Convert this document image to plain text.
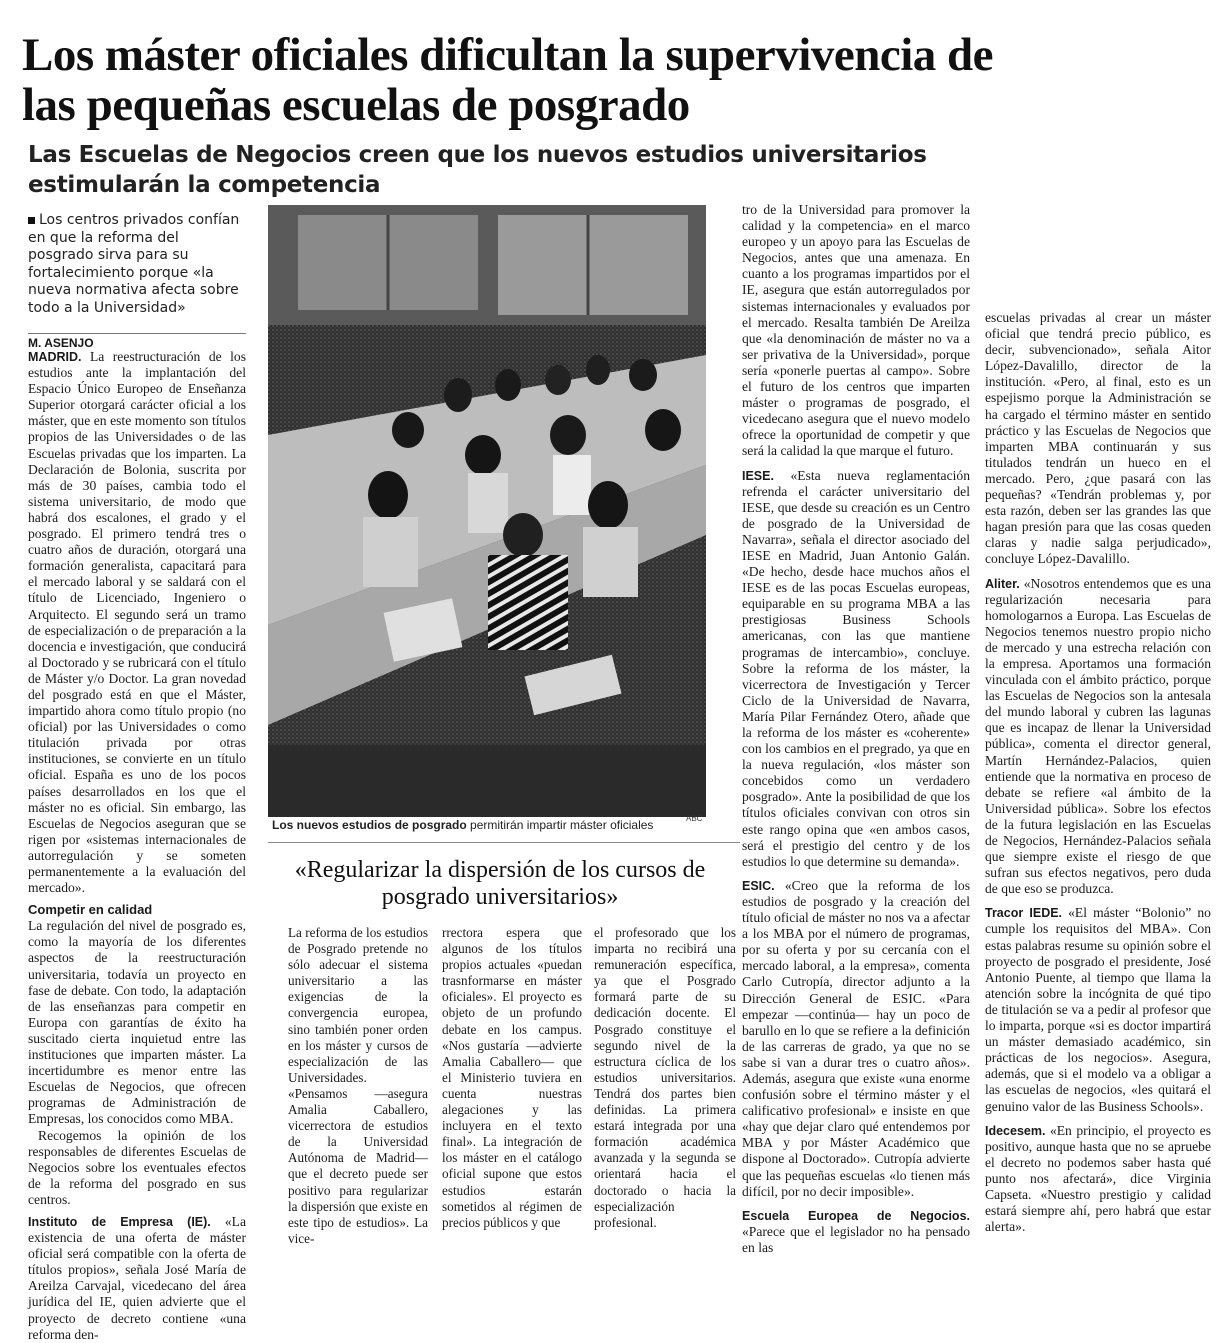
Los máster oficiales dificultan la supervivencia de las pequeñas escuelas de posgrado
Las Escuelas de Negocios creen que los nuevos estudios universitarios estimularán la competencia
Los centros privados confían en que la reforma del posgrado sirva para su fortalecimiento porque «la nueva normativa afecta sobre todo a la Universidad»
M. ASENJO

MADRID. La reestructuración de los estudios ante la implantación del Espacio Único Europeo de Enseñanza Superior otorgará carácter oficial a los máster, que en este momento son títulos propios de las Universidades o de las Escuelas privadas que los imparten. La Declaración de Bolonia, suscrita por más de 30 países, cambia todo el sistema universitario, de modo que habrá dos escalones, el grado y el posgrado. El primero tendrá tres o cuatro años de duración, otorgará una formación generalista, capacitará para el mercado laboral y se saldará con el título de Licenciado, Ingeniero o Arquitecto. El segundo será un tramo de especialización o de preparación a la docencia e investigación, que conducirá al Doctorado y se rubricará con el título de Máster y/o Doctor. La gran novedad del posgrado está en que el Máster, impartido ahora como título propio (no oficial) por las Universidades o como titulación privada por otras instituciones, se convierte en un título oficial. España es uno de los pocos países desarrollados en los que el máster no es oficial. Sin embargo, las Escuelas de Negocios aseguran que se rigen por «sistemas internacionales de autorregulación y se someten permanentemente a la evaluación del mercado».

Competir en calidad

La regulación del nivel de posgrado es, como la mayoría de los diferentes aspectos de la reestructuración universitaria, todavía un proyecto en fase de debate. Con todo, la adaptación de las enseñanzas para competir en Europa con garantías de éxito ha suscitado cierta inquietud entre las instituciones que imparten máster. La incertidumbre es menor entre las Escuelas de Negocios, que ofrecen programas de Administración de Empresas, los conocidos como MBA.

Recogemos la opinión de los responsables de diferentes Escuelas de Negocios sobre los eventuales efectos de la reforma del posgrado en sus centros.

Instituto de Empresa (IE). «La existencia de una oferta de máster oficial será compatible con la oferta de títulos propios», señala José María de Areilza Carvajal, vicedecano del área jurídica del IE, quien advierte que el proyecto de decreto contiene «una reforma den-

Los nuevos estudios de posgrado permitirán impartir máster oficiales	ABC
«Regularizar la dispersión de los cursos de posgrado universitarios»

La reforma de los estudios de Posgrado pretende no sólo adecuar el sistema universitario a las exigencias de la convergencia europea, sino también poner orden en los máster y cursos de especialización de las Universidades. «Pensamos —asegura Amalia Caballero, vicerrectora de estudios de la Universidad Autónoma de Madrid— que el decreto puede ser positivo para regularizar la dispersión que existe en este tipo de estudios». La vice-

rrectora espera que algunos de los títulos propios actuales «puedan trasnformarse en máster oficiales». El proyecto es objeto de un profundo debate en los campus. «Nos gustaría —advierte Amalia Caballero— que el Ministerio tuviera en cuenta nuestras alegaciones y las incluyera en el texto final». La integración de los máster en el catálogo oficial supone que estos estudios estarán sometidos al régimen de precios públicos y que

el profesorado que los imparta no recibirá una remuneración específica, ya que el Posgrado formará parte de su dedicación docente. El Posgrado constituye el segundo nivel de la estructura cíclica de los estudios universitarios. Tendrá dos partes bien definidas. La primera estará integrada por una formación académica avanzada y la segunda se orientará hacia el doctorado o hacia la especialización profesional.

tro de la Universidad para promover la calidad y la competencia» en el marco europeo y un apoyo para las Escuelas de Negocios, antes que una amenaza. En cuanto a los programas impartidos por el IE, asegura que están autorregulados por sistemas internacionales y evaluados por el mercado. Resalta también De Areilza que «la denominación de máster no va a ser privativa de la Universidad», porque sería «ponerle puertas al campo». Sobre el futuro de los centros que imparten máster o programas de posgrado, el vicedecano asegura que el nuevo modelo ofrece la oportunidad de competir y que será la calidad la que marque el futuro.

IESE. «Esta nueva reglamentación refrenda el carácter universitario del IESE, que desde su creación es un Centro de posgrado de la Universidad de Navarra», señala el director asociado del IESE en Madrid, Juan Antonio Galán. «De hecho, desde hace muchos años el IESE es de las pocas Escuelas europeas, equiparable en su programa MBA a las prestigiosas Business Schools americanas, con las que mantiene programas de intercambio», concluye. Sobre la reforma de los máster, la vicerrectora de Investigación y Tercer Ciclo de la Universidad de Navarra, María Pilar Fernández Otero, añade que la reforma de los máster es «coherente» con los cambios en el pregrado, ya que en la nueva regulación, «los máster son concebidos como un verdadero posgrado». Ante la posibilidad de que los títulos oficiales convivan con otros sin este rango opina que «en ambos casos, será el prestigio del centro y de los estudios lo que determine su demanda».

ESIC. «Creo que la reforma de los estudios de posgrado y la creación del título oficial de máster no nos va a afectar a los MBA por el número de programas, por su oferta y por su cercanía con el mercado laboral, a la empresa», comenta Carlo Cutropía, director adjunto a la Dirección General de ESIC. «Para empezar —continúa— hay un poco de barullo en lo que se refiere a la definición de las carreras de grado, ya que no se sabe si van a durar tres o cuatro años». Además, asegura que existe «una enorme confusión sobre el término máster y el calificativo profesional» e insiste en que «hay que dejar claro qué entendemos por MBA y por Máster Académico que dispone al Doctorado». Cutropía advierte que las pequeñas escuelas «lo tienen más difícil, por no decir imposible».

Escuela Europea de Negocios. «Parece que el legislador no ha pensado en las

escuelas privadas al crear un máster oficial que tendrá precio público, es decir, subvencionado», señala Aitor López-Davalillo, director de la institución. «Pero, al final, esto es un espejismo porque la Administración se ha cargado el término máster en sentido práctico y las Escuelas de Negocios que imparten MBA continuarán y sus titulados tendrán un hueco en el mercado. Pero, ¿que pasará con las pequeñas? «Tendrán problemas y, por esta razón, deben ser las grandes las que hagan presión para que las cosas queden claras y nadie salga perjudicado», concluye López-Davalillo.

Aliter. «Nosotros entendemos que es una regularización necesaria para homologarnos a Europa. Las Escuelas de Negocios tenemos nuestro propio nicho de mercado y una estrecha relación con la empresa. Aportamos una formación vinculada con el ámbito práctico, porque las Escuelas de Negocios son la antesala del mundo laboral y cubren las lagunas que es incapaz de llenar la Universidad pública», comenta el director general, Martín Hernández-Palacios, quien entiende que la normativa en proceso de debate se refiere «al ámbito de la Universidad pública». Sobre los efectos de la futura legislación en las Escuelas de Negocios, Hernández-Palacios señala que siempre existe el riesgo de que sufran sus efectos negativos, pero duda de que eso se produzca.

Tracor IEDE. «El máster “Bolonio” no cumple los requisitos del MBA». Con estas palabras resume su opinión sobre el proyecto de posgrado el presidente, José Antonio Puente, al tiempo que llama la atención sobre la incógnita de qué tipo de titulación se va a pedir al profesor que lo imparta, porque «si es doctor impartirá un máster demasiado académico, sin prácticas de los negocios». Asegura, además, que si el modelo va a obligar a las escuelas de negocios, «les quitará el genuino valor de las Business Schools».

Idecesem. «En principio, el proyecto es positivo, aunque hasta que no se apruebe el decreto no podemos saber hasta qué punto nos afectará», dice Virginia Capseta. «Nuestro prestigio y calidad estará siempre ahí, pero habrá que estar alerta».
